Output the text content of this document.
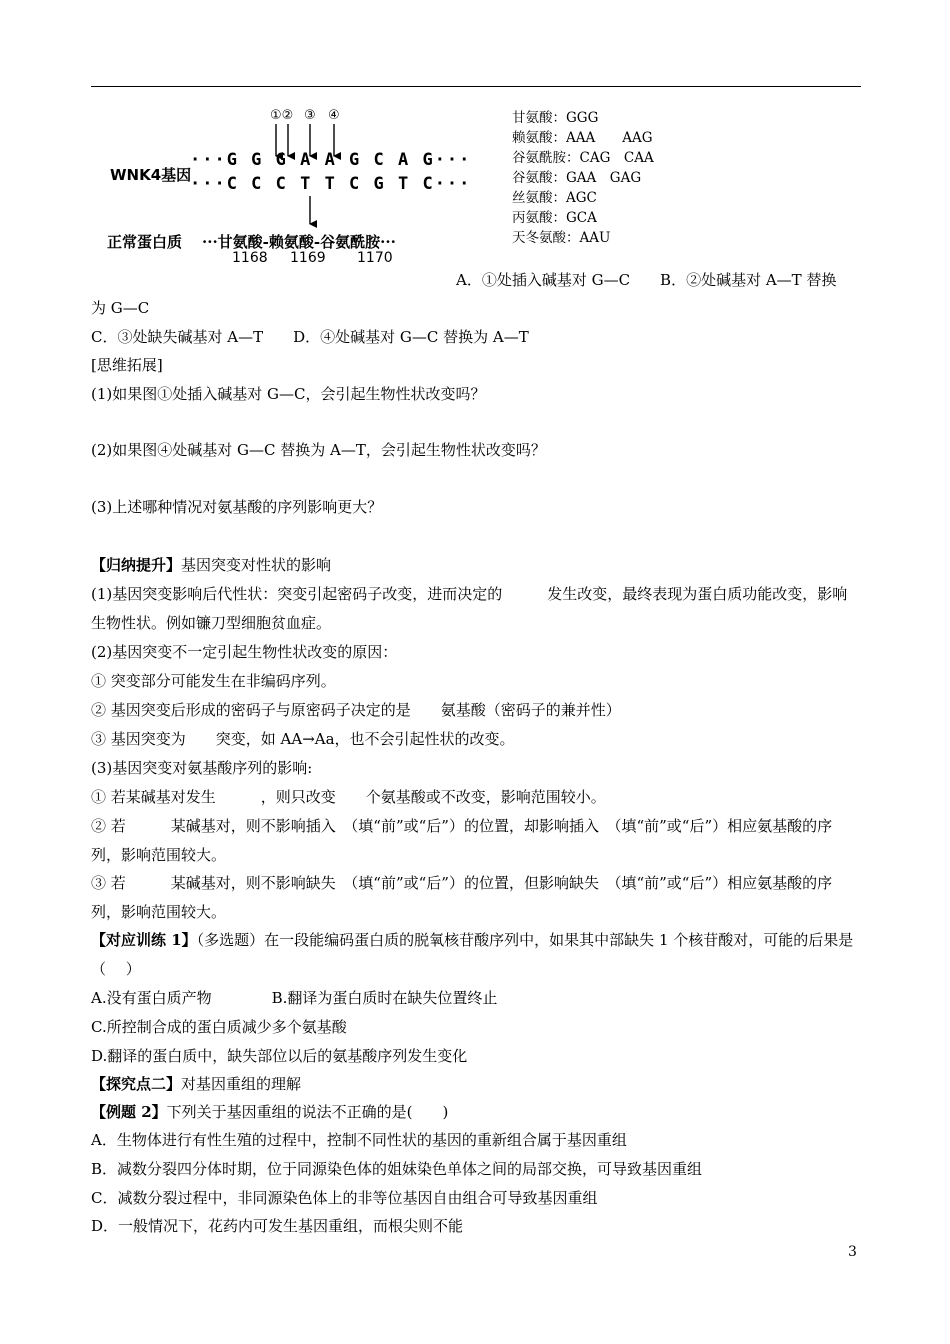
①② ③ ④
WNK4基因
···G G G A A G C A G···
···C C C T T C G T C···
正常蛋白质 ···甘氨酸-赖氨酸-谷氨酰胺···
1168 1169 1170
甘氨酸：GGG
赖氨酸：AAA　　AAG
谷氨酰胺：CAG　CAA
谷氨酸：GAA　GAG
丝氨酸：AGC
丙氨酸：GCA
天冬氨酸：AAU
A．①处插入碱基对 G—C　　B．②处碱基对 A—T 替换
为 G—C
C．③处缺失碱基对 A—T　　D．④处碱基对 G—C 替换为 A—T
[思维拓展]
(1)如果图①处插入碱基对 G—C，会引起生物性状改变吗？
(2)如果图④处碱基对 G—C 替换为 A—T，会引起生物性状改变吗？
(3)上述哪种情况对氨基酸的序列影响更大？
【归纳提升】基因突变对性状的影响
(1)基因突变影响后代性状：突变引起密码子改变，进而决定的　　　发生改变，最终表现为蛋白质功能改变，影响生物性状。例如镰刀型细胞贫血症。
(2)基因突变不一定引起生物性状改变的原因：
① 突变部分可能发生在非编码序列。
② 基因突变后形成的密码子与原密码子决定的是　　氨基酸（密码子的兼并性）
③ 基因突变为　　突变，如 AA→Aa，也不会引起性状的改变。
(3)基因突变对氨基酸序列的影响:
① 若某碱基对发生　　　，则只改变　　个氨基酸或不改变，影响范围较小。
② 若　　　某碱基对，则不影响插入　（填“前”或“后”）的位置，却影响插入　（填“前”或“后”）相应氨基酸的序列，影响范围较大。
③ 若　　　某碱基对，则不影响缺失　（填“前”或“后”）的位置，但影响缺失　（填“前”或“后”）相应氨基酸的序列，影响范围较大。
【对应训练 1】（多选题）在一段能编码蛋白质的脱氧核苷酸序列中，如果其中部缺失 1 个核苷酸对，可能的后果是（　 ）
A.没有蛋白质产物　　　　B.翻译为蛋白质时在缺失位置终止
C.所控制合成的蛋白质减少多个氨基酸
D.翻译的蛋白质中，缺失部位以后的氨基酸序列发生变化
【探究点二】对基因重组的理解
【例题 2】下列关于基因重组的说法不正确的是(　　)
A．生物体进行有性生殖的过程中，控制不同性状的基因的重新组合属于基因重组
B．减数分裂四分体时期，位于同源染色体的姐妹染色单体之间的局部交换，可导致基因重组
C．减数分裂过程中，非同源染色体上的非等位基因自由组合可导致基因重组
D．一般情况下，花药内可发生基因重组，而根尖则不能
3
